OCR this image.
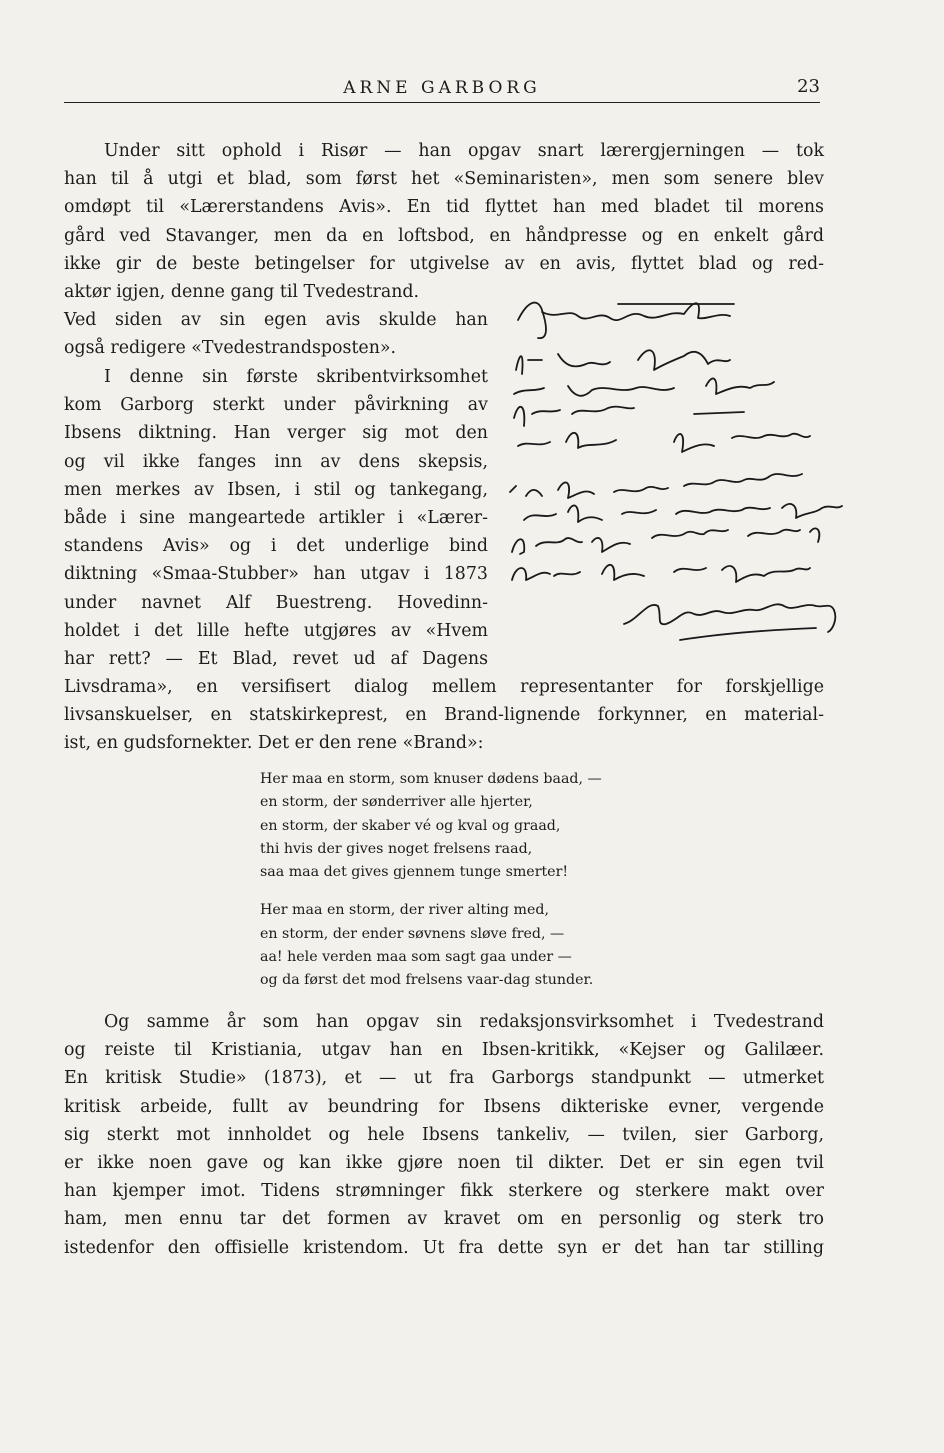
ARNE GARBORG	23
Under sitt ophold i Risør — han opgav snart lærergjerningen — tok
han til å utgi et blad, som først het «Seminaristen», men som senere blev
omdøpt til «Lærerstandens Avis». En tid flyttet han med bladet til morens
gård ved Stavanger, men da en loftsbod, en håndpresse og en enkelt gård
ikke gir de beste betingelser for utgivelse av en avis, flyttet blad og red-
aktør igjen, denne gang til Tvedestrand.
Ved siden av sin egen avis skulde han
også redigere «Tvedestrandsposten».
I denne sin første skribentvirksomhet
kom Garborg sterkt under påvirkning av
Ibsens diktning. Han verger sig mot den
og vil ikke fanges inn av dens skepsis,
men merkes av Ibsen, i stil og tankegang,
både i sine mangeartede artikler i «Lærer-
standens Avis» og i det underlige bind
diktning «Smaa-Stubber» han utgav i 1873
under navnet Alf Buestreng. Hovedinn-
holdet i det lille hefte utgjøres av «Hvem
har rett? — Et Blad, revet ud af Dagens
Livsdrama», en versifisert dialog mellem representanter for forskjellige
livsanskuelser, en statskirkeprest, en Brand-lignende forkynner, en material-
ist, en gudsfornekter. Det er den rene «Brand»:
Her maa en storm, som knuser dødens baad, —
en storm, der sønderriver alle hjerter,
en storm, der skaber vé og kval og graad,
thi hvis der gives noget frelsens raad,
saa maa det gives gjennem tunge smerter!
Her maa en storm, der river alting med,
en storm, der ender søvnens sløve fred, —
aa! hele verden maa som sagt gaa under —
og da først det mod frelsens vaar-dag stunder.
Og samme år som han opgav sin redaksjonsvirksomhet i Tvedestrand
og reiste til Kristiania, utgav han en Ibsen-kritikk, «Kejser og Galilæer.
En kritisk Studie» (1873), et — ut fra Garborgs standpunkt — utmerket
kritisk arbeide, fullt av beundring for Ibsens dikteriske evner, vergende
sig sterkt mot innholdet og hele Ibsens tankeliv, — tvilen, sier Garborg,
er ikke noen gave og kan ikke gjøre noen til dikter. Det er sin egen tvil
han kjemper imot. Tidens strømninger fikk sterkere og sterkere makt over
ham, men ennu tar det formen av kravet om en personlig og sterk tro
istedenfor den offisielle kristendom. Ut fra dette syn er det han tar stilling
